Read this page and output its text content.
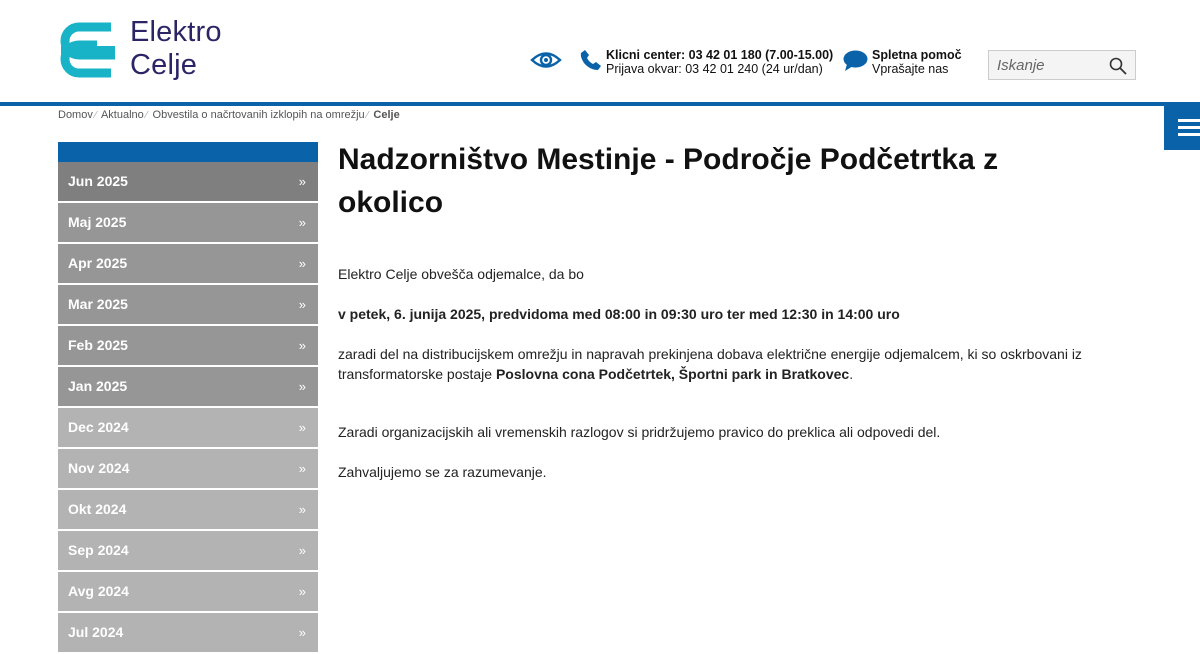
Elektro
Celje	Klicni center: 03 42 01 180 (7.00-15.00)
Prijava okvar: 03 42 01 240 (24 ur/dan)
Spletna pomoč
Vprašajte nas
Iskanje
Domov ⁄ Aktualno ⁄ Obvestila o načrtovanih izklopih na omrežju ⁄ Celje
Jun 2025	»
Maj 2025	»
Apr 2025	»
Mar 2025	»
Feb 2025	»
Jan 2025	»
Dec 2024	»
Nov 2024	»
Okt 2024	»
Sep 2024	»
Avg 2024	»
Jul 2024	»
Nadzorništvo Mestinje - Področje Podčetrtka z okolico

Elektro Celje obvešča odjemalce, da bo

v petek, 6. junija 2025, predvidoma med 08:00 in 09:30 uro ter med 12:30 in 14:00 uro

zaradi del na distribucijskem omrežju in napravah prekinjena dobava električne energije odjemalcem, ki so oskrbovani iz transformatorske postaje Poslovna cona Podčetrtek, Športni park in Bratkovec.

Zaradi organizacijskih ali vremenskih razlogov si pridržujemo pravico do preklica ali odpovedi del.

Zahvaljujemo se za razumevanje.
